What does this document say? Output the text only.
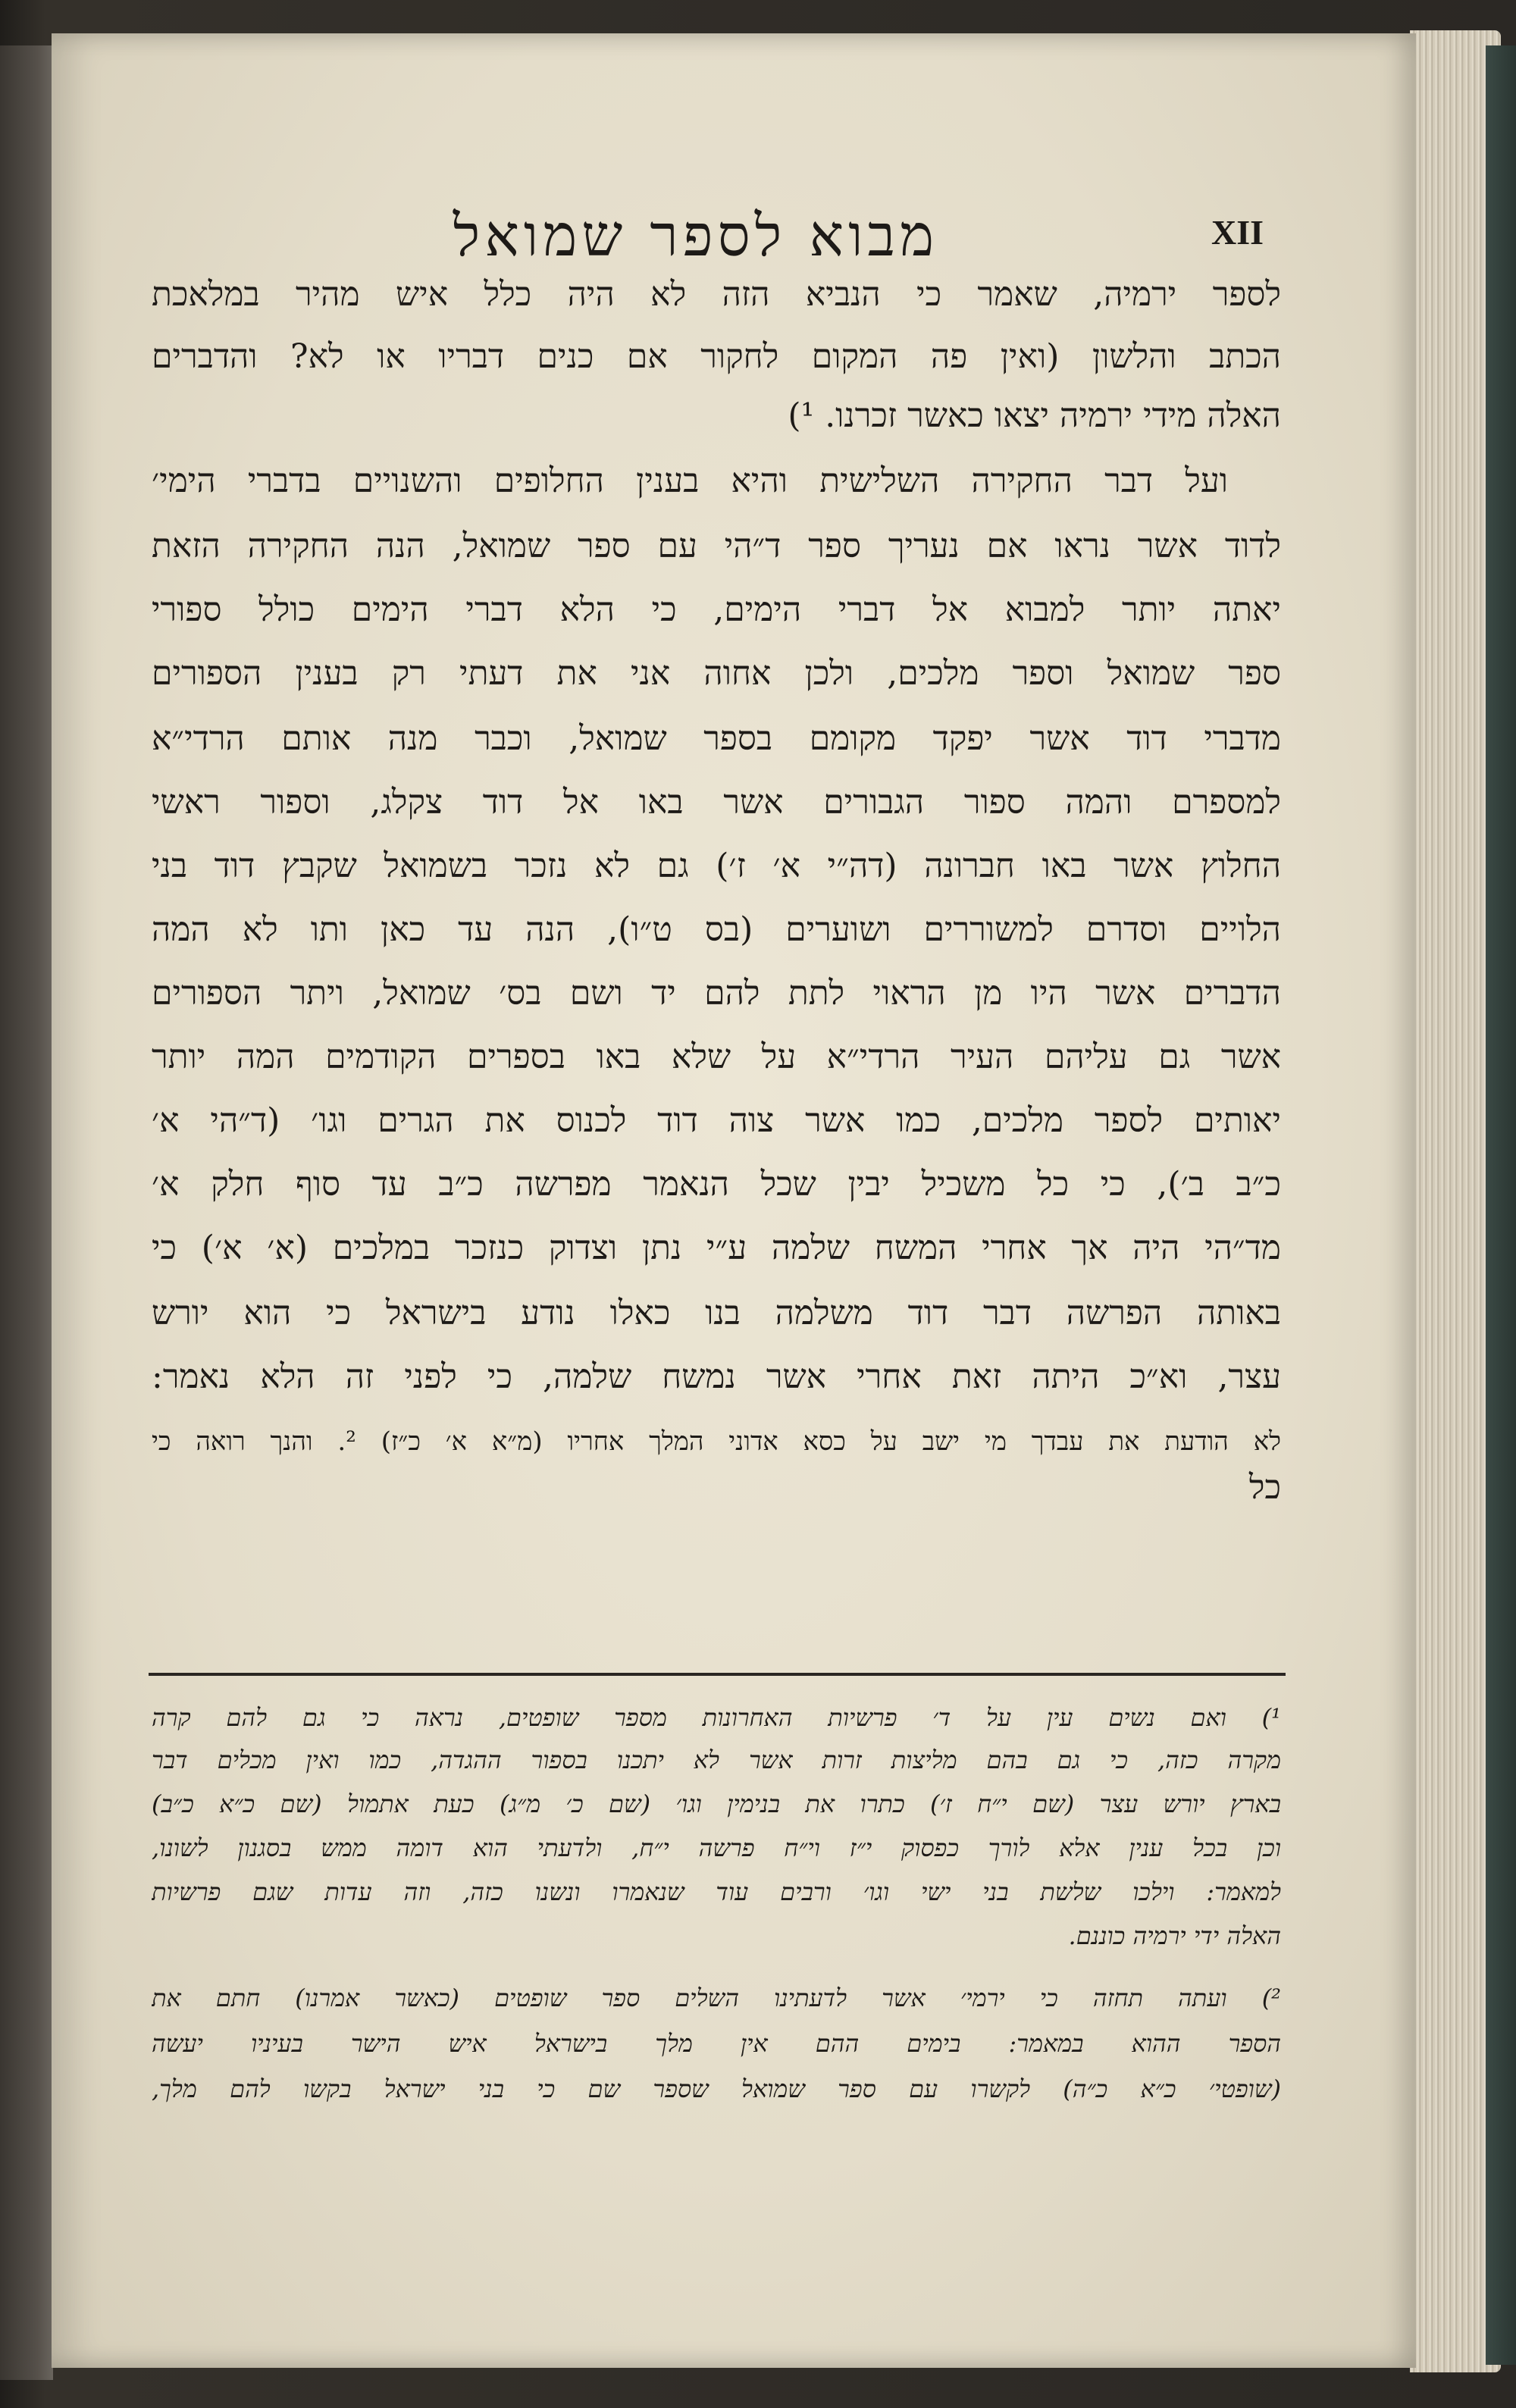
מבוא לספר שמואל	XII
לספר ירמיה, שאמר כי הנביא הזה לא היה כלל איש מהיר במלאכת
הכתב והלשון (ואין פה המקום לחקור אם כנים דבריו או לא? והדברים
האלה מידי ירמיה יצאו כאשר זכרנו. ¹)
ועל דבר החקירה השלישית והיא בענין החלופים והשנויים בדברי הימי׳
לדוד אשר נראו אם נעריך ספר ד״הי עם ספר שמואל, הנה החקירה הזאת
יאתה יותר למבוא אל דברי הימים, כי הלא דברי הימים כולל ספורי
ספר שמואל וספר מלכים, ולכן אחוה אני את דעתי רק בענין הספורים
מדברי דוד אשר יפקד מקומם בספר שמואל, וכבר מנה אותם הרדי״א
למספרם והמה ספור הגבורים אשר באו אל דוד צקלג, וספור ראשי
החלוץ אשר באו חברונה (דה״י א׳ ז׳) גם לא נזכר בשמואל שקבץ דוד בני
הלויים וסדרם למשוררים ושוערים (בס ט״ו), הנה עד כאן ותו לא המה
הדברים אשר היו מן הראוי לתת להם יד ושם בס׳ שמואל, ויתר הספורים
אשר גם עליהם העיר הרדי״א על שלא באו בספרים הקודמים המה יותר
יאותים לספר מלכים, כמו אשר צוה דוד לכנוס את הגרים וגו׳ (ד״הי א׳
כ״ב ב׳), כי כל משכיל יבין שכל הנאמר מפרשה כ״ב עד סוף חלק א׳
מד״הי היה אך אחרי המשח שלמה ע״י נתן וצדוק כנזכר במלכים (א׳ א׳) כי
באותה הפרשה דבר דוד משלמה בנו כאלו נודע בישראל כי הוא יורש
עצר, וא״כ היתה זאת אחרי אשר נמשח שלמה, כי לפני זה הלא נאמר:
לא הודעת את עבדך מי ישב על כסא אדוני המלך אחריו (מ״א א׳ כ״ז) ². והנך רואה כי
כל
¹) ואם נשים עין על ד׳ פרשיות האחרונות מספר שופטים, נראה כי גם להם קרה
מקרה כזה, כי גם בהם מליצות זרות אשר לא יתכנו בספור ההגדה, כמו ואין מכלים דבר
בארץ יורש עצר (שם י״ח ז׳) כתרו את בנימין וגו׳ (שם כ׳ מ״ג) כעת אתמול (שם כ״א כ״ב)
וכן בכל ענין אלא לורך כפסוק י״ז וי״ח פרשה י״ח, ולדעתי הוא דומה ממש בסגנון לשונו,
למאמר: וילכו שלשת בני ישי וגו׳ ורבים עוד שנאמרו ונשנו כזה, וזה עדות שגם פרשיות
האלה ידי ירמיה כוננם.
²) ועתה תחזה כי ירמי׳ אשר לדעתינו השלים ספר שופטים (כאשר אמרנו) חתם את
הספר ההוא במאמר: בימים ההם אין מלך בישראל איש הישר בעיניו יעשה
(שופטי׳ כ״א כ״ה) לקשרו עם ספר שמואל שספר שם כי בני ישראל בקשו להם מלך,
